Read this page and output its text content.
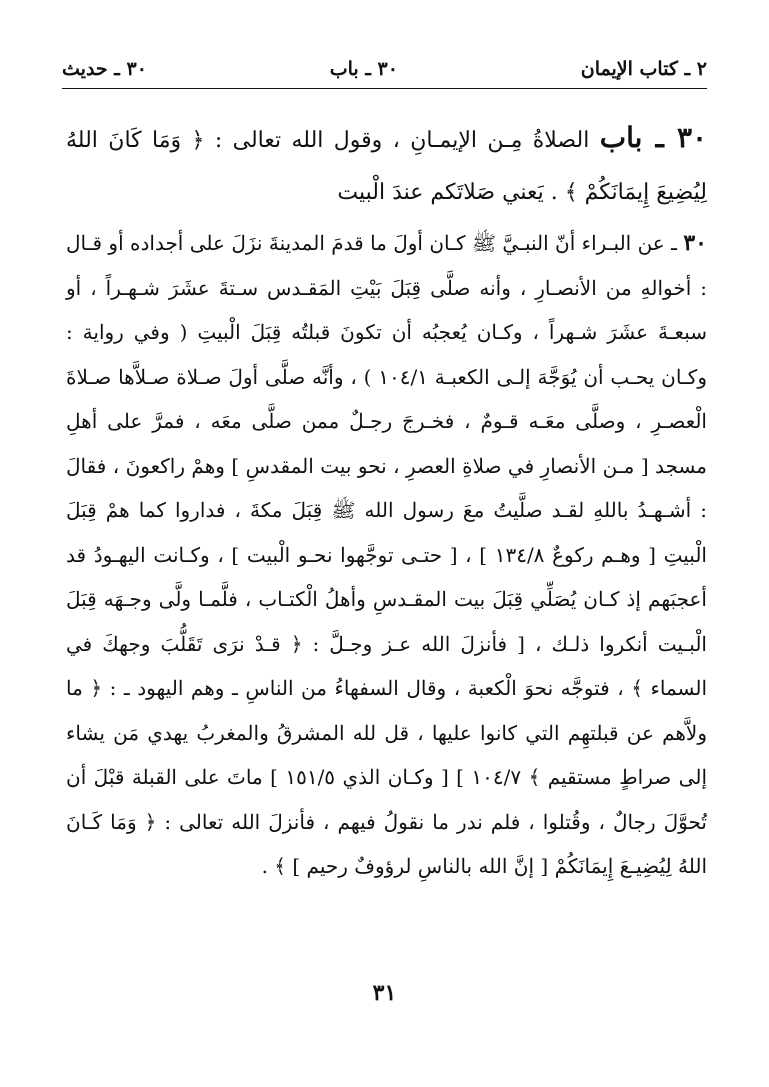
٢ ـ كتاب الإيمان
٣٠ ـ باب
٣٠ ـ حديث

٣٠ ـ باب الصلاةُ مِـن الإيمـانِ ، وقول الله تعالى : ﴿ وَمَا كَانَ اللهُ لِيُضِيعَ إِيمَانَكُمْ ﴾ . يَعني صَلاتَكم عندَ الْبيت

٣٠ ـ عن البـراء أنّ النبـيَّ ﷺ كـان أولَ ما قدمَ المدينةَ نزَلَ على أجداده أو قـال : أخوالهِ من الأنصـارِ ، وأنه صلَّى قِبَلَ بَيْتِ المَقـدس سـتةَ عشَرَ شـهـراً ، أو سبعـةَ عشَرَ شـهراً ، وكـان يُعجبُه أن تكونَ قبلتُه قِبَلَ الْبيتِ ( وفي رواية : وكـان يحـب أن يُوَجَّهَ إلـى الكعبـة ١٠٤/١ ) ، وأنَّه صلَّى أولَ صـلاة صـلاَّها صـلاةَ الْعصـرِ ، وصلَّى معَـه قـومٌ ، فخـرجَ رجـلٌ ممن صلَّى معَه ، فمرَّ على أهلِ مسجد [ مـن الأنصارِ في صلاةِ العصرِ ، نحو بيت المقدسِ ] وهمْ راكعونَ ، فقالَ : أشـهـدُ باللهِ لقـد صلَّيتُ معَ رسول الله ﷺ قِبَلَ مكةَ ، فداروا كما همْ قِبَلَ الْبيتِ [ وهـم ركوعٌ ١٣٤/٨ ] ، [ حتـى توجَّهوا نحـو الْبيت ] ، وكـانت اليهـودُ قد أعجبَهم إذ كـان يُصَلِّي قِبَلَ بيت المقـدسِ وأهلُ الْكتـاب ، فلَّمـا ولَّى وجـهَه قِبَلَ الْبـيت أنكروا ذلـك ، [ فأنزلَ الله عـز وجـلَّ : ﴿ قـدْ نرَى تَقَلُّبَ وجهكَ في السماء ﴾ ، فتوجَّه نحوَ الْكعبة ، وقال السفهاءُ من الناسِ ـ وهم اليهود ـ : ﴿ ما ولاَّهم عن قبلتهِم التي كانوا عليها ، قل لله المشرقُ والمغربُ يهدي مَن يشاء إلى صراطٍ مستقيم ﴾ ١٠٤/٧ ] [ وكـان الذي ١٥١/٥ ] ماتَ على القبلة قبْلَ أن تُحوَّلَ رجالٌ ، وقُتلوا ، فلم ندر ما نقولُ فيهم ، فأنزلَ الله تعالى : ﴿ وَمَا كَـانَ اللهُ لِيُضِيـعَ إِيمَانَكُمْ [ إنَّ الله بالناسِ لرؤوفٌ رحيم ] ﴾ .

٣١
